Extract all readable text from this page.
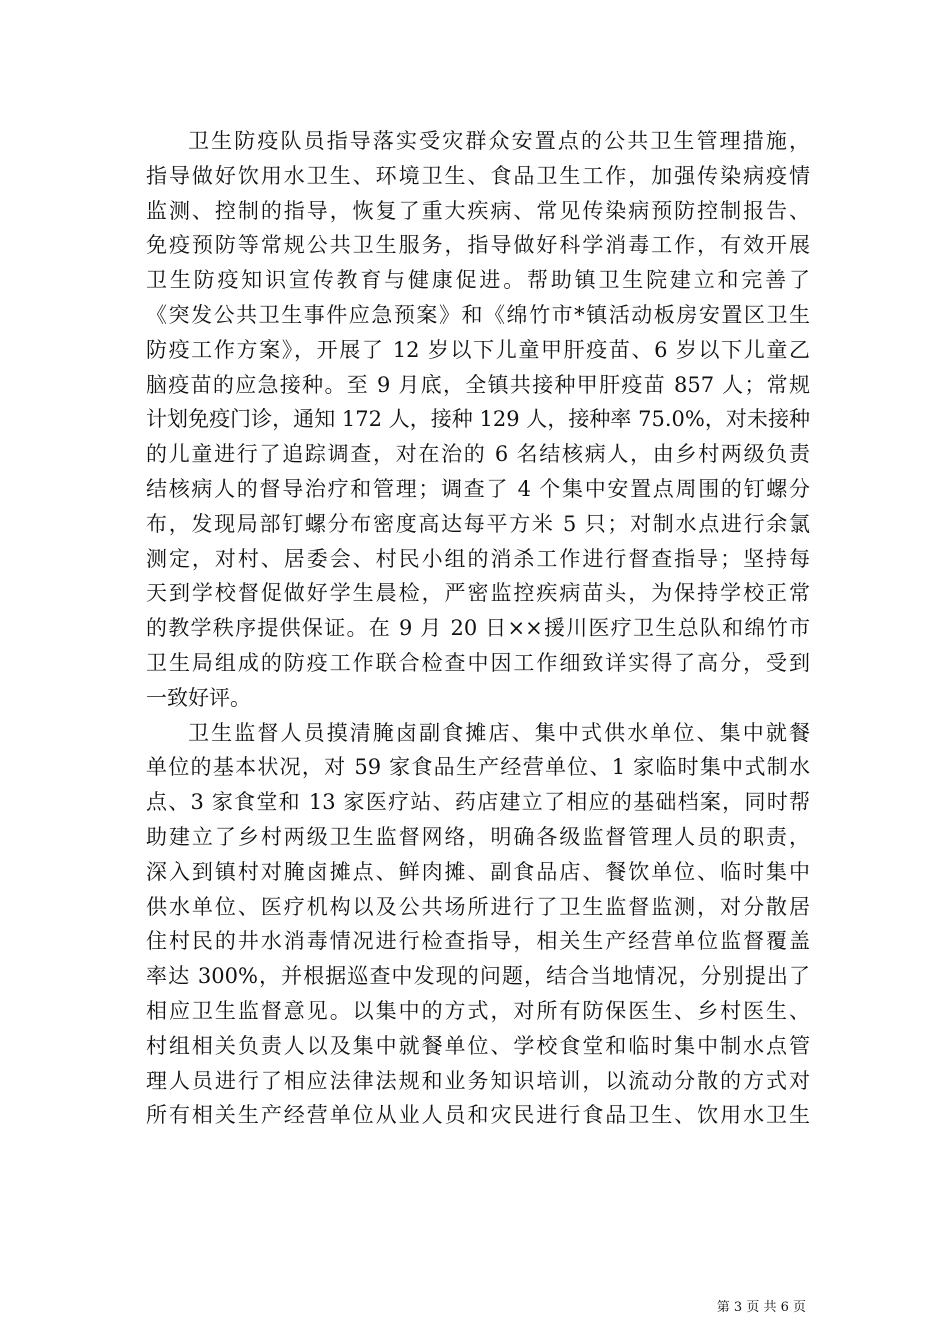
卫生防疫队员指导落实受灾群众安置点的公共卫生管理措施，
指导做好饮用水卫生、环境卫生、食品卫生工作，加强传染病疫情
监测、控制的指导，恢复了重大疾病、常见传染病预防控制报告、
免疫预防等常规公共卫生服务，指导做好科学消毒工作，有效开展
卫生防疫知识宣传教育与健康促进。帮助镇卫生院建立和完善了
《突发公共卫生事件应急预案》和《绵竹市*镇活动板房安置区卫生
防疫工作方案》，开展了 12 岁以下儿童甲肝疫苗、6 岁以下儿童乙
脑疫苗的应急接种。至 9 月底，全镇共接种甲肝疫苗 857 人；常规
计划免疫门诊，通知 172 人，接种 129 人，接种率 75.0%，对未接种
的儿童进行了追踪调查，对在治的 6 名结核病人，由乡村两级负责
结核病人的督导治疗和管理；调查了 4 个集中安置点周围的钉螺分
布，发现局部钉螺分布密度高达每平方米 5 只；对制水点进行余氯
测定，对村、居委会、村民小组的消杀工作进行督查指导；坚持每
天到学校督促做好学生晨检，严密监控疾病苗头，为保持学校正常
的教学秩序提供保证。在 9 月 20 日××援川医疗卫生总队和绵竹市
卫生局组成的防疫工作联合检查中因工作细致详实得了高分，受到
一致好评。
卫生监督人员摸清腌卤副食摊店、集中式供水单位、集中就餐
单位的基本状况，对 59 家食品生产经营单位、1 家临时集中式制水
点、3 家食堂和 13 家医疗站、药店建立了相应的基础档案，同时帮
助建立了乡村两级卫生监督网络，明确各级监督管理人员的职责，
深入到镇村对腌卤摊点、鲜肉摊、副食品店、餐饮单位、临时集中
供水单位、医疗机构以及公共场所进行了卫生监督监测，对分散居
住村民的井水消毒情况进行检查指导，相关生产经营单位监督覆盖
率达 300%，并根据巡查中发现的问题，结合当地情况，分别提出了
相应卫生监督意见。以集中的方式，对所有防保医生、乡村医生、
村组相关负责人以及集中就餐单位、学校食堂和临时集中制水点管
理人员进行了相应法律法规和业务知识培训，以流动分散的方式对
所有相关生产经营单位从业人员和灾民进行食品卫生、饮用水卫生
第 3 页 共 6 页
